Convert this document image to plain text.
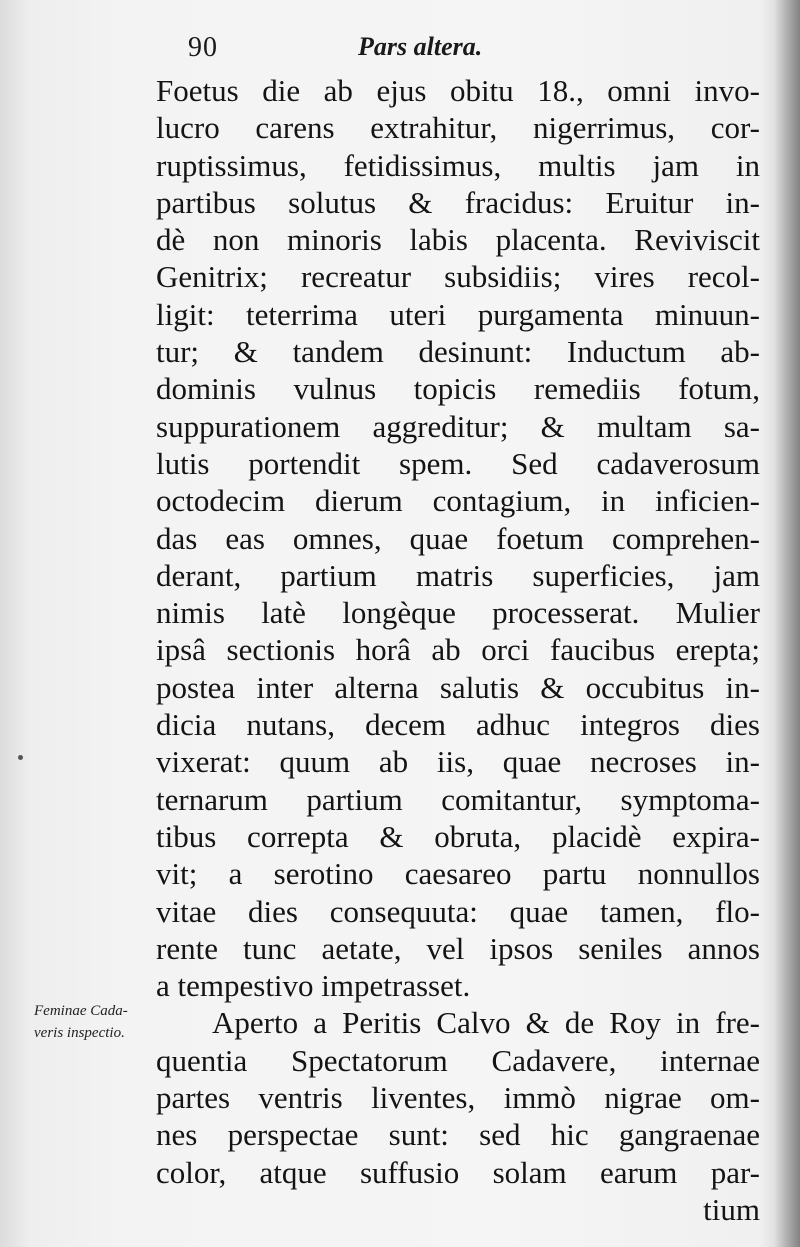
90	Pars altera.
Foetus die ab ejus obitu 18., omni invo-
lucro carens extrahitur, nigerrimus, cor-
ruptissimus, fetidissimus, multis jam in
partibus solutus & fracidus: Eruitur in-
dè non minoris labis placenta. Reviviscit
Genitrix; recreatur subsidiis; vires recol-
ligit: teterrima uteri purgamenta minuun-
tur; & tandem desinunt: Inductum ab-
dominis vulnus topicis remediis fotum,
suppurationem aggreditur; & multam sa-
lutis portendit spem. Sed cadaverosum
octodecim dierum contagium, in inficien-
das eas omnes, quae foetum comprehen-
derant, partium matris superficies, jam
nimis latè longèque processerat. Mulier
ipsâ sectionis horâ ab orci faucibus erepta;
postea inter alterna salutis & occubitus in-
dicia nutans, decem adhuc integros dies
vixerat: quum ab iis, quae necroses in-
ternarum partium comitantur, symptoma-
tibus correpta & obruta, placidè expira-
vit; a serotino caesareo partu nonnullos
vitae dies consequuta: quae tamen, flo-
rente tunc aetate, vel ipsos seniles annos
a tempestivo impetrasset.
Aperto a Peritis Calvo & de Roy in fre-
quentia Spectatorum Cadavere, internae
partes ventris liventes, immò nigrae om-
nes perspectae sunt: sed hic gangraenae
color, atque suffusio solam earum par-
tium
Feminae Cada-
veris inspectio.
